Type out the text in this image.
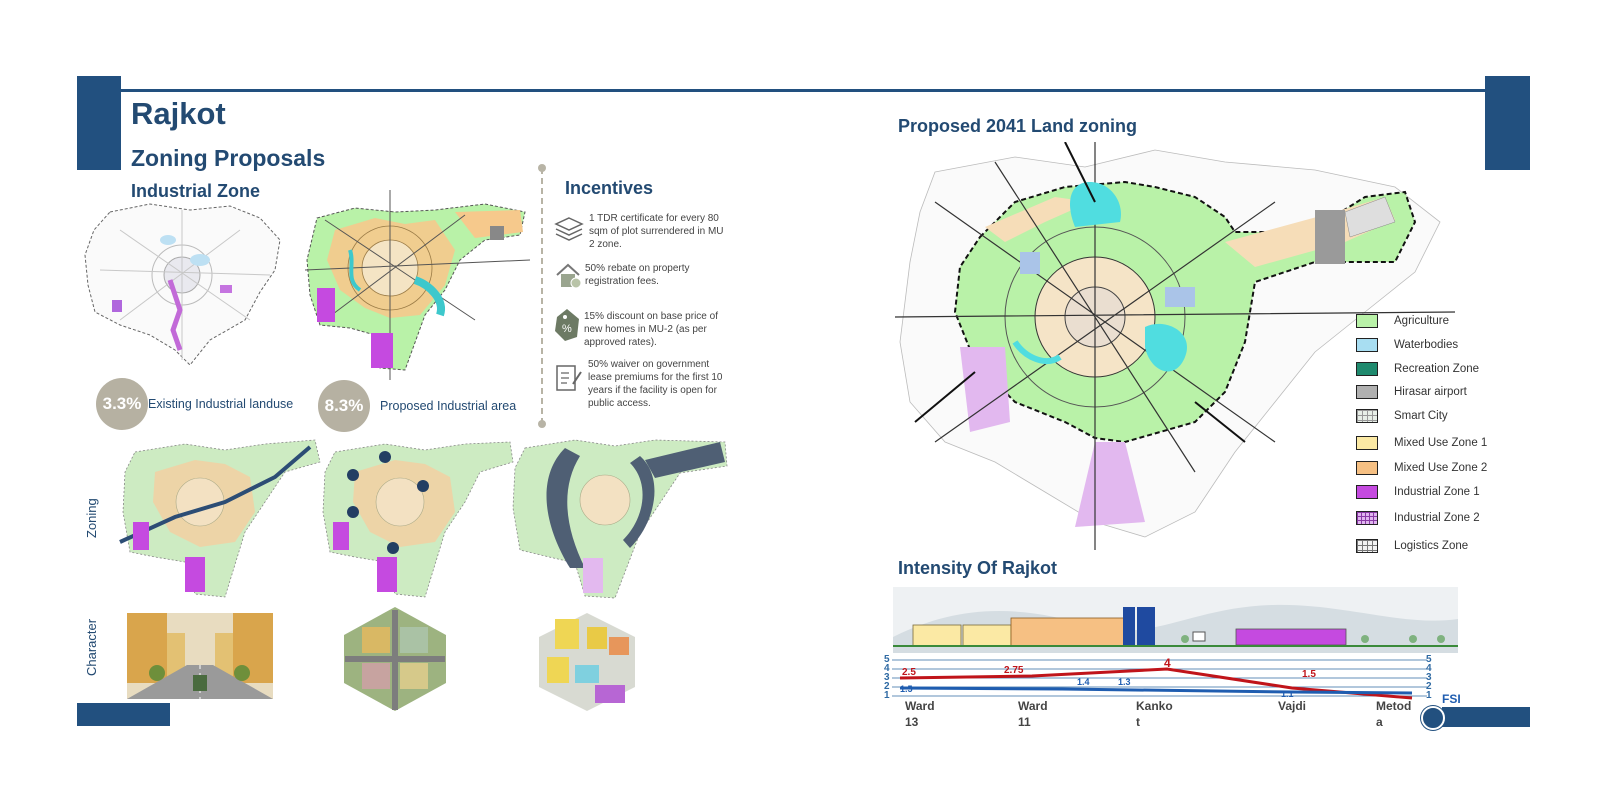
Rajkot
Zoning Proposals
Industrial Zone
3.3% Existing Industrial landuse 8.3% Proposed Industrial area
Incentives
1 TDR certificate for every 80 sqm of plot surrendered in MU 2 zone.
50% rebate on property registration fees.
%
15% discount on base price of new homes in MU-2 (as per approved rates).
50% waiver on government lease premiums for the first 10 years if the facility is open for public access.
Zoning
Character
Proposed 2041 Land zoning
Agriculture
Waterbodies
Recreation Zone
Hirasar airport
Smart City
Mixed Use Zone 1
Mixed Use Zone 2
Industrial Zone 1
Industrial Zone 2
Logistics Zone
Intensity Of Rajkot
5
4
3
2
1
5
4
3
2
1
2.5	2.75
4
1.5
1.5
1.4	1.3
1.1	FSI
Ward
13
Ward
11
Kanko
t
Vajdi	Metod
a
